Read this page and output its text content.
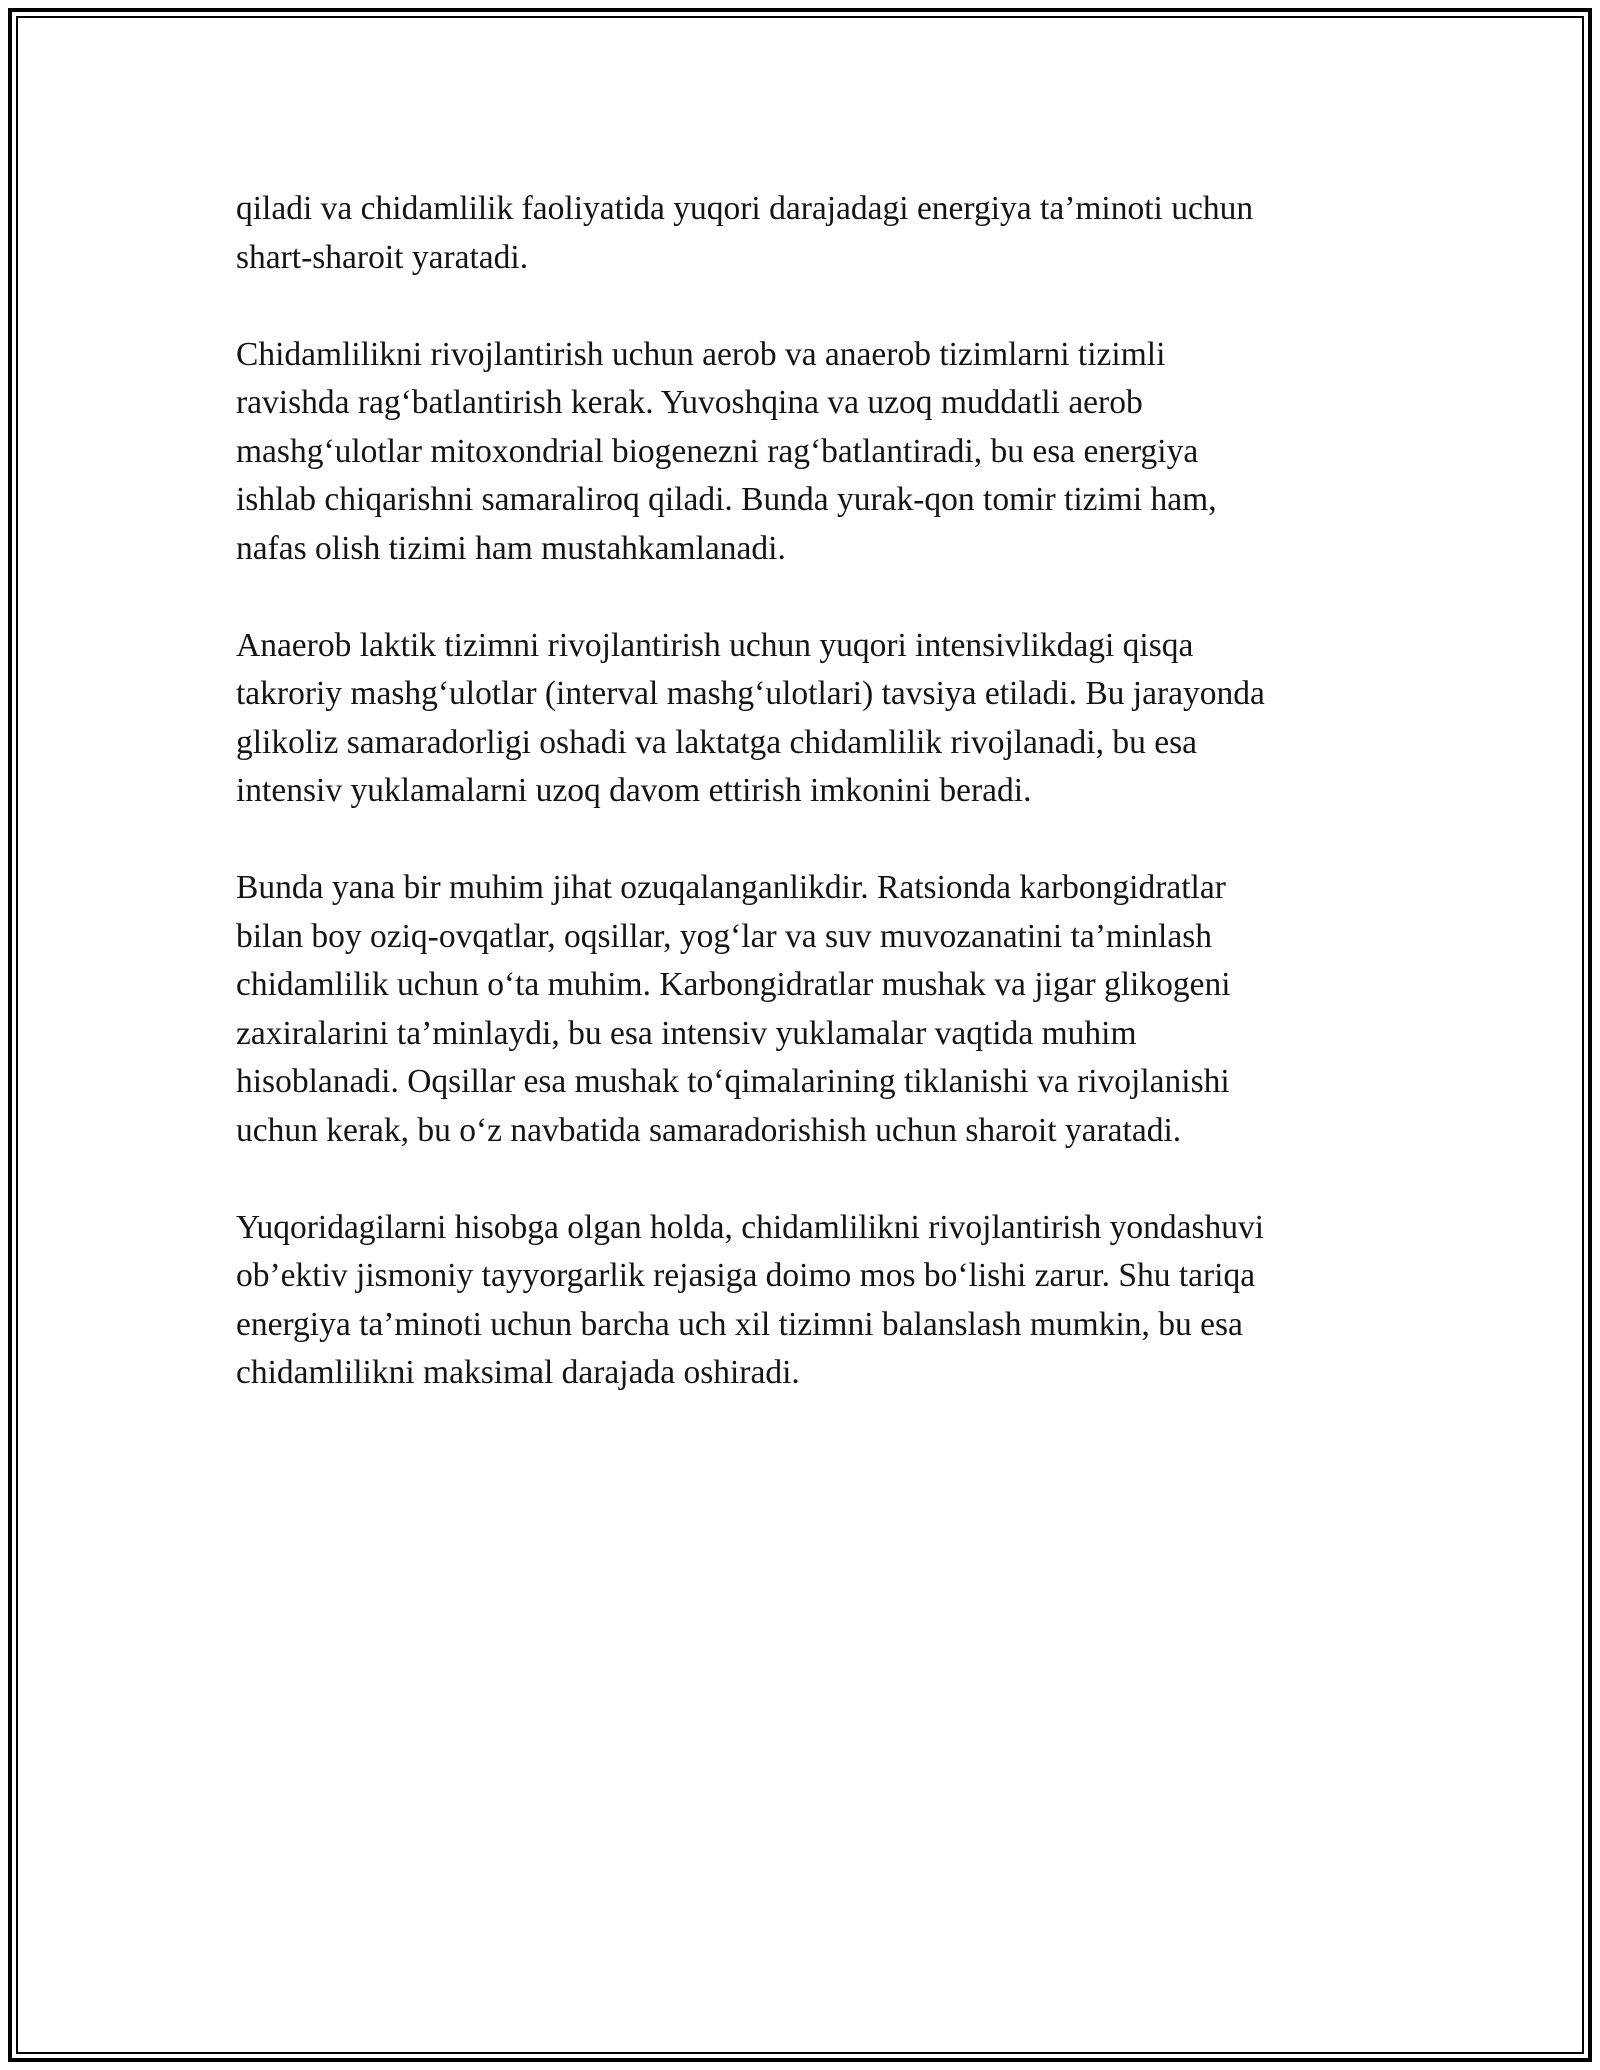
qiladi va chidamlilik faoliyatida yuqori darajadagi energiya ta’minoti uchun
shart-sharoit yaratadi.

Chidamlilikni rivojlantirish uchun aerob va anaerob tizimlarni tizimli
ravishda rag‘batlantirish kerak. Yuvoshqina va uzoq muddatli aerob
mashg‘ulotlar mitoxondrial biogenezni rag‘batlantiradi, bu esa energiya
ishlab chiqarishni samaraliroq qiladi. Bunda yurak-qon tomir tizimi ham,
nafas olish tizimi ham mustahkamlanadi.

Anaerob laktik tizimni rivojlantirish uchun yuqori intensivlikdagi qisqa
takroriy mashg‘ulotlar (interval mashg‘ulotlari) tavsiya etiladi. Bu jarayonda
glikoliz samaradorligi oshadi va laktatga chidamlilik rivojlanadi, bu esa
intensiv yuklamalarni uzoq davom ettirish imkonini beradi.

Bunda yana bir muhim jihat ozuqalanganlikdir. Ratsionda karbongidratlar
bilan boy oziq-ovqatlar, oqsillar, yog‘lar va suv muvozanatini ta’minlash
chidamlilik uchun o‘ta muhim. Karbongidratlar mushak va jigar glikogeni
zaxiralarini ta’minlaydi, bu esa intensiv yuklamalar vaqtida muhim
hisoblanadi. Oqsillar esa mushak to‘qimalarining tiklanishi va rivojlanishi
uchun kerak, bu o‘z navbatida samaradorishish uchun sharoit yaratadi.

Yuqoridagilarni hisobga olgan holda, chidamlilikni rivojlantirish yondashuvi
ob’ektiv jismoniy tayyorgarlik rejasiga doimo mos bo‘lishi zarur. Shu tariqa
energiya ta’minoti uchun barcha uch xil tizimni balanslash mumkin, bu esa
chidamlilikni maksimal darajada oshiradi.
